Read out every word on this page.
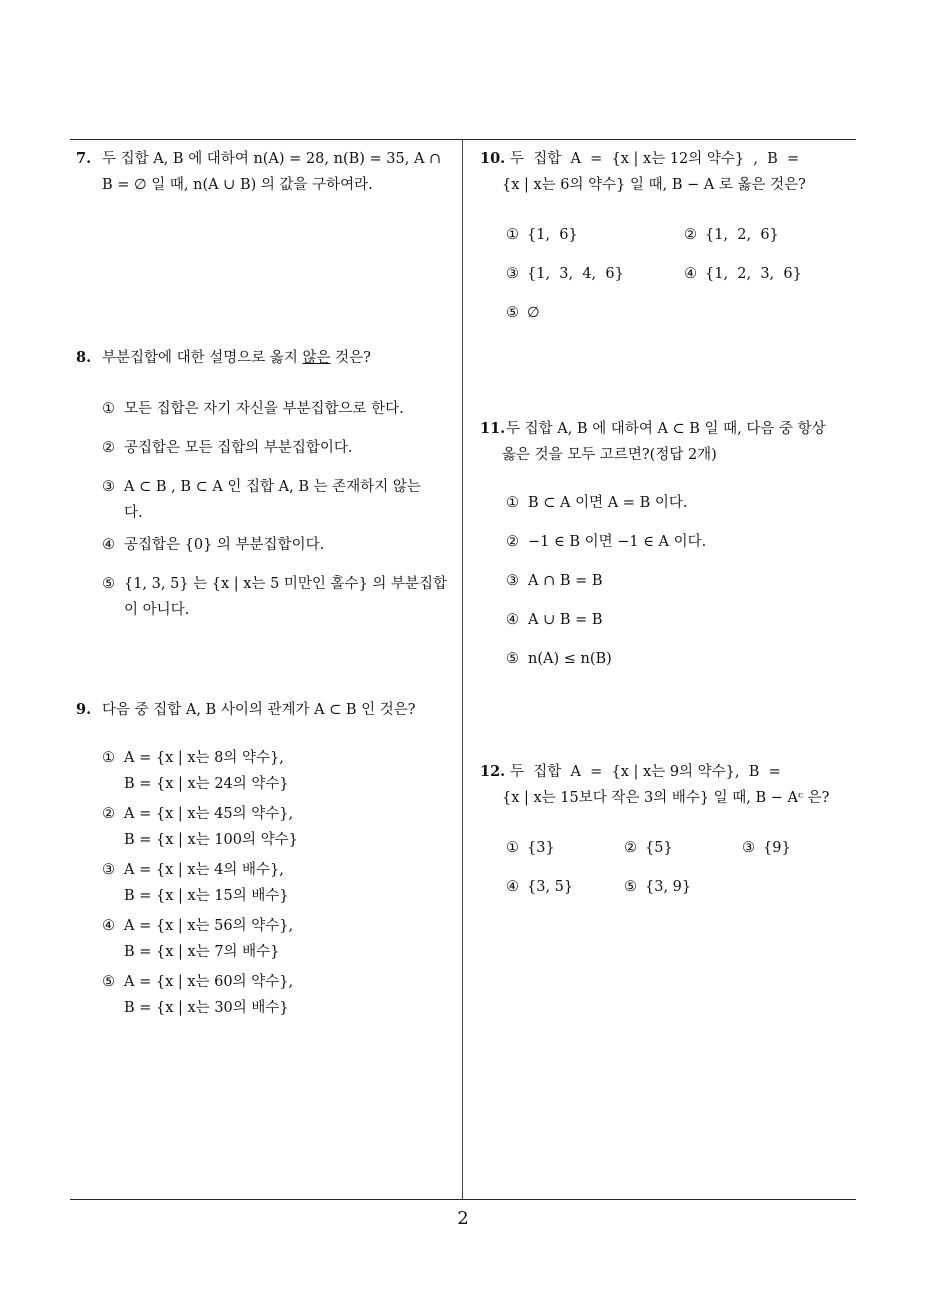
2
7. 두 집합 A, B 에 대하여 n(A) = 28, n(B) = 35, A ∩
B = ∅ 일 때, n(A ∪ B) 의 값을 구하여라.
8. 부분집합에 대한 설명으로 옳지 않은 것은?
① 모든 집합은 자기 자신을 부분집합으로 한다.
② 공집합은 모든 집합의 부분집합이다.
③ A ⊂ B , B ⊂ A 인 집합 A, B 는 존재하지 않는
다.
④ 공집합은 {0} 의 부분집합이다.
⑤ {1, 3, 5} 는 {x | x는 5 미만인 홀수} 의 부분집합
이 아니다.
9. 다음 중 집합 A, B 사이의 관계가 A ⊂ B 인 것은?
① A = {x | x는 8의 약수},
B = {x | x는 24의 약수}
② A = {x | x는 45의 약수},
B = {x | x는 100의 약수}
③ A = {x | x는 4의 배수},
B = {x | x는 15의 배수}
④ A = {x | x는 56의 약수},
B = {x | x는 7의 배수}
⑤ A = {x | x는 60의 약수},
B = {x | x는 30의 배수}
10. 두  집합  A  =  {x | x는 12의 약수}  ,  B  =
{x | x는 6의 약수} 일 때, B − A 로 옳은 것은?
① {1,  6}	② {1,  2,  6}
③ {1,  3,  4,  6}	④ {1,  2,  3,  6}
⑤ ∅
11. 두 집합 A, B 에 대하여 A ⊂ B 일 때, 다음 중 항상
옳은 것을 모두 고르면?(정답 2개)
① B ⊂ A 이면 A = B 이다.
② −1 ∈ B 이면 −1 ∈ A 이다.
③ A ∩ B = B
④ A ∪ B = B
⑤ n(A) ≤ n(B)
12. 두  집합  A  =  {x | x는 9의 약수},  B  =
{x | x는 15보다 작은 3의 배수} 일 때, B − Aᶜ 은?
① {3}	② {5}	③ {9}
④ {3, 5}	⑤ {3, 9}
